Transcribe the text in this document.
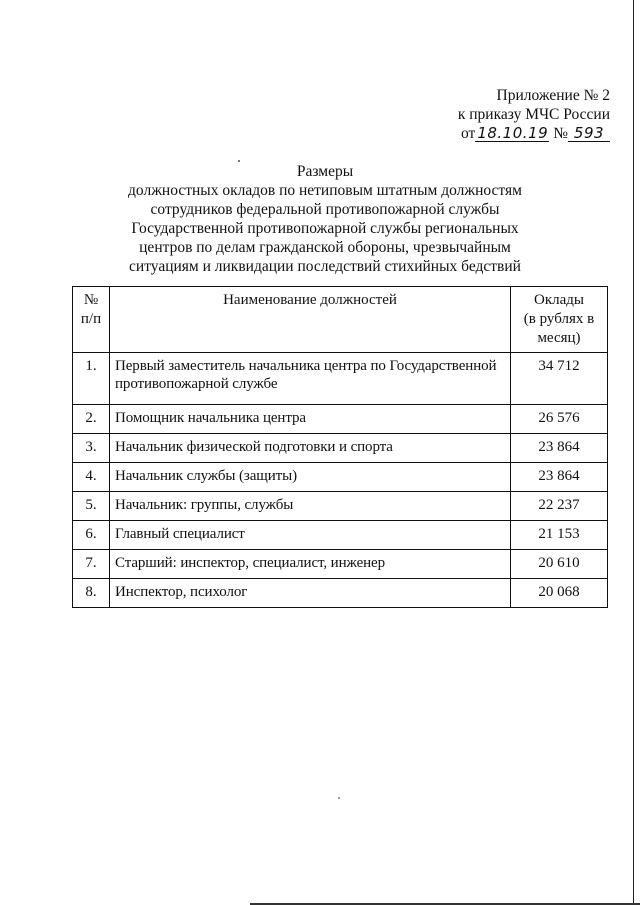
Приложение № 2
к приказу МЧС России
от 18.10.19 № 593
Размеры
должностных окладов по нетиповым штатным должностям
сотрудников федеральной противопожарной службы
Государственной противопожарной службы региональных
центров по делам гражданской обороны, чрезвычайным
ситуациям и ликвидации последствий стихийных бедствий
№
п/п	Наименование должностей	Оклады
(в рублях в
месяц)

1.	Первый заместитель начальника центра по Государственной противопожарной службе	34 712
2.	Помощник начальника центра	26 576
3.	Начальник физической подготовки и спорта	23 864
4.	Начальник службы (защиты)	23 864
5.	Начальник: группы, службы	22 237
6.	Главный специалист	21 153
7.	Старший: инспектор, специалист, инженер	20 610
8.	Инспектор, психолог	20 068
